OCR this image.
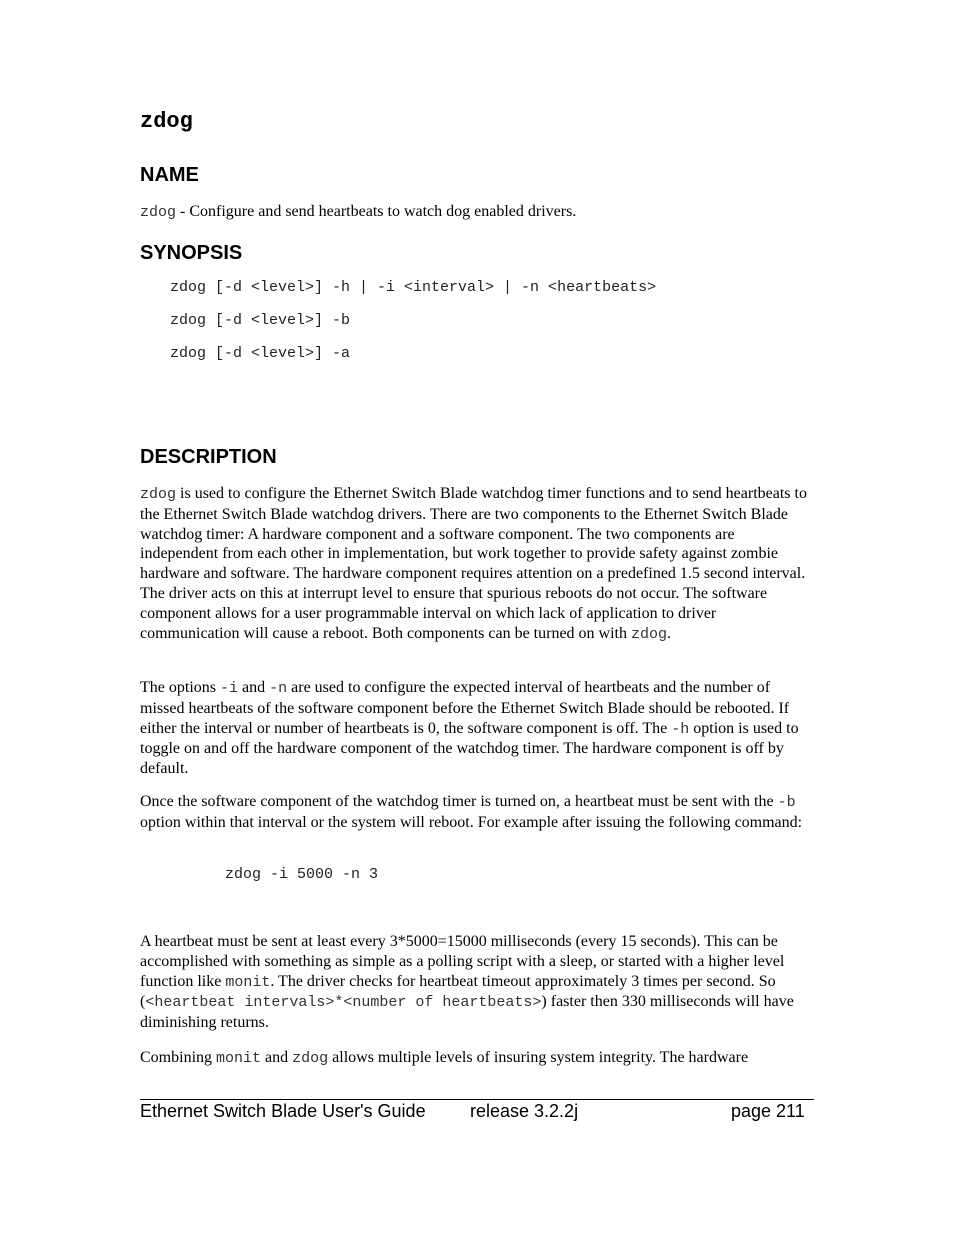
zdog
NAME

zdog - Configure and send heartbeats to watch dog enabled drivers.

SYNOPSIS
zdog [-d <level>] -h | -i <interval> | -n <heartbeats>
zdog [-d <level>] -b
zdog [-d <level>] -a
DESCRIPTION

zdog is used to configure the Ethernet Switch Blade watchdog timer functions and to send heartbeats to the Ethernet Switch Blade watchdog drivers. There are two components to the Ethernet Switch Blade watchdog timer: A hardware component and a software component. The two components are independent from each other in implementation, but work together to provide safety against zombie hardware and software. The hardware component requires attention on a predefined 1.5 second interval. The driver acts on this at interrupt level to ensure that spurious reboots do not occur. The software component allows for a user programmable interval on which lack of application to driver communication will cause a reboot. Both components can be turned on with zdog.

The options -i and -n are used to configure the expected interval of heartbeats and the number of missed heartbeats of the software component before the Ethernet Switch Blade should be rebooted. If either the interval or number of heartbeats is 0, the software component is off. The -h option is used to toggle on and off the hardware component of the watchdog timer. The hardware component is off by default.

Once the software component of the watchdog timer is turned on, a heartbeat must be sent with the -b option within that interval or the system will reboot. For example after issuing the following command:

zdog -i 5000 -n 3

A heartbeat must be sent at least every 3*5000=15000 milliseconds (every 15 seconds). This can be accomplished with something as simple as a polling script with a sleep, or started with a higher level function like monit. The driver checks for heartbeat timeout approximately 3 times per second. So (<heartbeat intervals>*<number of heartbeats>) faster then 330 milliseconds will have diminishing returns.

Combining monit and zdog allows multiple levels of insuring system integrity. The hardware

Ethernet Switch Blade User's Guide release 3.2.2j	page 211
